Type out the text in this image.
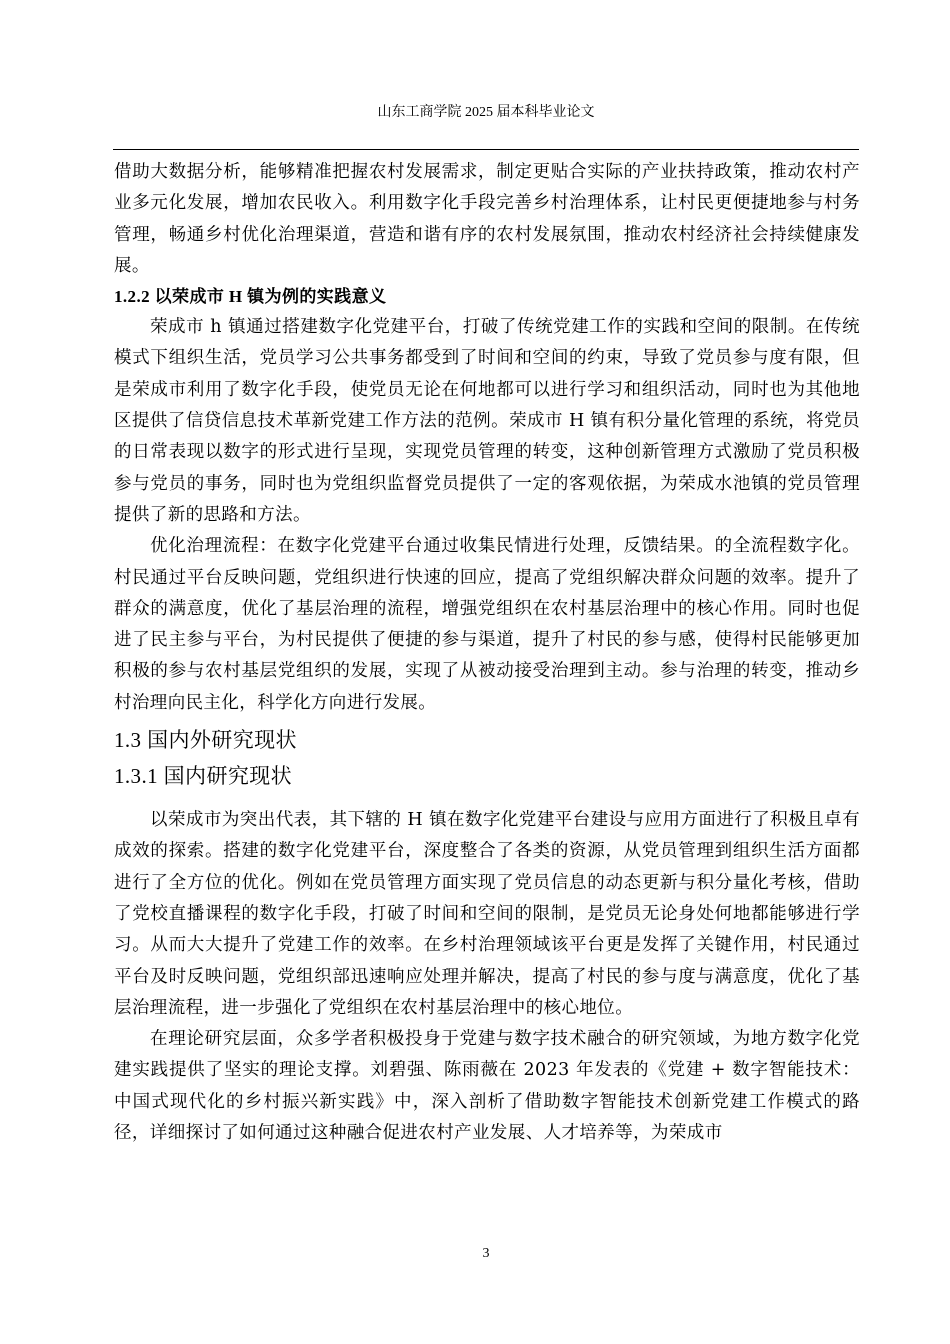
山东工商学院 2025 届本科毕业论文

借助大数据分析，能够精准把握农村发展需求，制定更贴合实际的产业扶持政策，推动农村产业多元化发展，增加农民收入。利用数字化手段完善乡村治理体系，让村民更便捷地参与村务管理，畅通乡村优化治理渠道，营造和谐有序的农村发展氛围，推动农村经济社会持续健康发展。

1.2.2 以荣成市 H 镇为例的实践意义

荣成市 h 镇通过搭建数字化党建平台，打破了传统党建工作的实践和空间的限制。在传统模式下组织生活，党员学习公共事务都受到了时间和空间的约束，导致了党员参与度有限，但是荣成市利用了数字化手段，使党员无论在何地都可以进行学习和组织活动，同时也为其他地区提供了信贷信息技术革新党建工作方法的范例。荣成市 H 镇有积分量化管理的系统，将党员的日常表现以数字的形式进行呈现，实现党员管理的转变，这种创新管理方式激励了党员积极参与党员的事务，同时也为党组织监督党员提供了一定的客观依据，为荣成水池镇的党员管理提供了新的思路和方法。

优化治理流程：在数字化党建平台通过收集民情进行处理，反馈结果。的全流程数字化。村民通过平台反映问题，党组织进行快速的回应，提高了党组织解决群众问题的效率。提升了群众的满意度，优化了基层治理的流程，增强党组织在农村基层治理中的核心作用。同时也促进了民主参与平台，为村民提供了便捷的参与渠道，提升了村民的参与感，使得村民能够更加积极的参与农村基层党组织的发展，实现了从被动接受治理到主动。参与治理的转变，推动乡村治理向民主化，科学化方向进行发展。

1.3 国内外研究现状
1.3.1 国内研究现状

以荣成市为突出代表，其下辖的 H 镇在数字化党建平台建设与应用方面进行了积极且卓有成效的探索。搭建的数字化党建平台，深度整合了各类的资源，从党员管理到组织生活方面都进行了全方位的优化。例如在党员管理方面实现了党员信息的动态更新与积分量化考核，借助了党校直播课程的数字化手段，打破了时间和空间的限制，是党员无论身处何地都能够进行学习。从而大大提升了党建工作的效率。在乡村治理领域该平台更是发挥了关键作用，村民通过平台及时反映问题，党组织部迅速响应处理并解决，提高了村民的参与度与满意度，优化了基层治理流程，进一步强化了党组织在农村基层治理中的核心地位。

在理论研究层面，众多学者积极投身于党建与数字技术融合的研究领域，为地方数字化党建实践提供了坚实的理论支撑。刘碧强、陈雨薇在 2023 年发表的《党建 + 数字智能技术：中国式现代化的乡村振兴新实践》中，深入剖析了借助数字智能技术创新党建工作模式的路径，详细探讨了如何通过这种融合促进农村产业发展、人才培养等，为荣成市

3
